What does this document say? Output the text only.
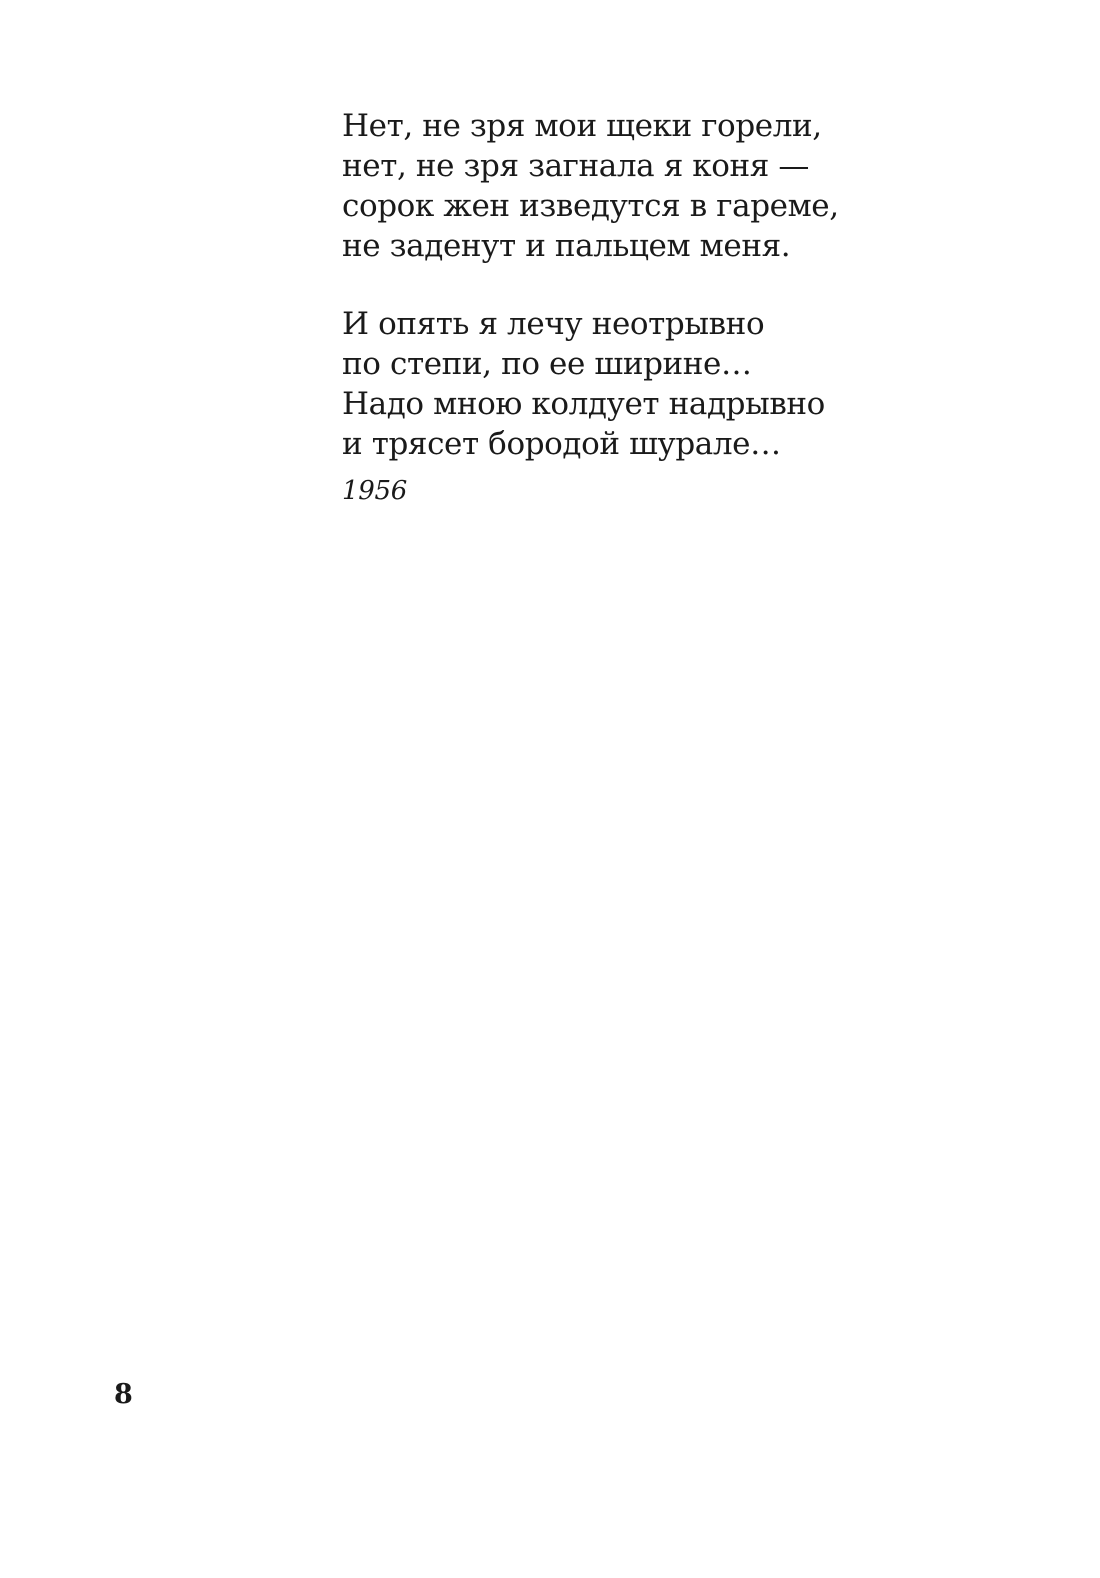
Нет, не зря мои щеки горели,
нет, не зря загнала я коня —
сорок жен изведутся в гареме,
не заденут и пальцем меня.

И опять я лечу неотрывно
по степи, по ее ширине…
Надо мною колдует надрывно
и трясет бородой шурале…

1956
8
